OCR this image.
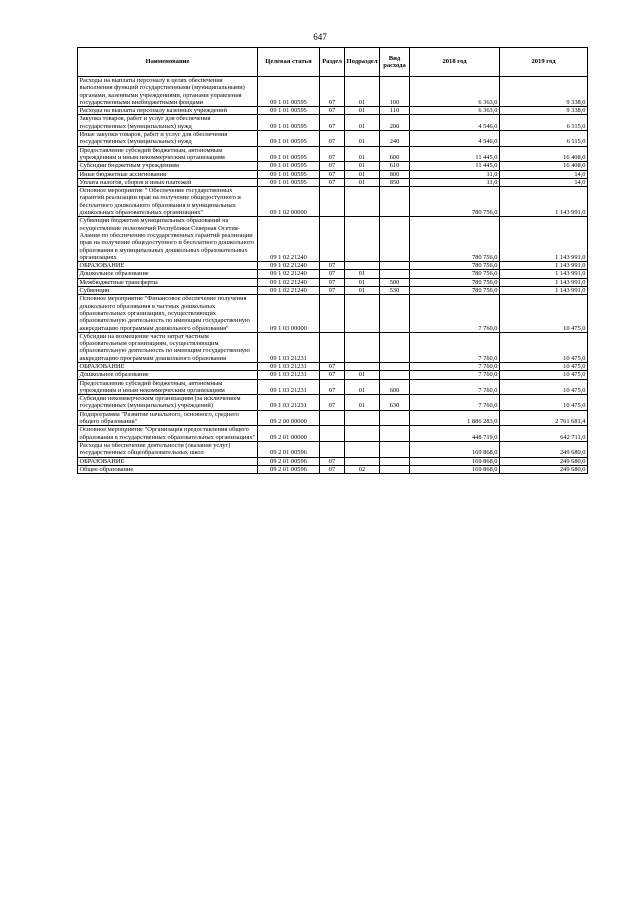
647
Наименование	Целевая статья	Раздел	Подраздел	Вид расхода	2018 год	2019 год
Расходы на выплаты персоналу в целях обеспечения выполнения функций государственными (муниципальными) органами, казенными учреждениями, органами управления государственными внебюджетными фондами	09 1 01 00595	07	01	100	6 363,0	9 338,0
Расходы на выплаты персоналу казенных учреждений	09 1 01 00595	07	01	110	6 363,0	9 338,0
Закупка товаров, работ и услуг для обеспечения государственных (муниципальных) нужд	09 1 01 00595	07	01	200	4 546,0	6 115,0
Иные закупки товаров, работ и услуг для обеспечения государственных (муниципальных) нужд	09 1 01 00595	07	01	240	4 546,0	6 115,0
Предоставление субсидий бюджетным, автономным учреждениям и иным некоммерческим организациям	09 1 01 00595	07	01	600	11 445,0	16 408,0
Субсидии бюджетным учреждениям	09 1 01 00595	07	01	610	11 445,0	16 408,0
Иные бюджетные ассигнования	09 1 01 00595	07	01	800	11,0	14,0
Уплата налогов, сборов и иных платежей	09 1 01 00595	07	01	850	11,0	14,0
Основное мероприятие " Обеспечение государственных гарантий реализации прав на получение общедоступного и бесплатного дошкольного образования в муниципальных дошкольных образовательных организациях"	09 1 02 00000				780 756,0	1 143 991,0
Субвенции бюджетам муниципальных образований на осуществление полномочий Республики Северная Осетия-Алания по обеспечению государственных гарантий реализации прав на получение общедоступного и бесплатного дошкольного образования в муниципальных дошкольных образовательных организациях	09 1 02 21240				780 756,0	1 143 991,0
ОБРАЗОВАНИЕ	09 1 02 21240	07			780 756,0	1 143 991,0
Дошкольное образование	09 1 02 21240	07	01		780 756,0	1 143 991,0
Межбюджетные трансферты	09 1 02 21240	07	01	500	780 756,0	1 143 991,0
Субвенции	09 1 02 21240	07	01	530	780 756,0	1 143 991,0
Основное мероприятие "Финансовое обеспечение получения дошкольного образования в частных дошкольных образовательных организациях, осуществляющих образовательную деятельность по имеющим государственную аккредитацию программам дошкольного образования"	09 1 03 00000				7 760,0	10 475,0
Субсидии на возмещение части затрат частным образовательным организациям, осуществляющим образовательную деятельность по имеющим государственную аккредитацию программам дошкольного образования	09 1 03 21231				7 760,0	10 475,0
ОБРАЗОВАНИЕ	09 1 03 21231	07			7 760,0	10 475,0
Дошкольное образование	09 1 03 21231	07	01		7 760,0	10 475,0
Предоставление субсидий бюджетным, автономным учреждениям и иным некоммерческим организациям	09 1 03 21231	07	01	600	7 760,0	10 475,0
Субсидии некоммерческим организациям (за исключением государственных (муниципальных) учреждений)	09 1 03 21231	07	01	630	7 760,0	10 475,0
Подпрограмма "Развитие начального, основного, среднего общего образования"	09 2 00 00000				1 886 283,0	2 761 681,4
Основное мероприятие "Организация предоставления общего образования в государственных образовательных организациях"	09 2 01 00000				448 719,0	642 711,0
Расходы на обеспечение деятельности (оказание услуг) государственных общеобразовательных школ	09 2 01 00596				169 868,0	249 680,0
ОБРАЗОВАНИЕ	09 2 01 00596	07			169 868,0	249 680,0
Общее образование	09 2 01 00596	07	02		169 868,0	249 680,0
